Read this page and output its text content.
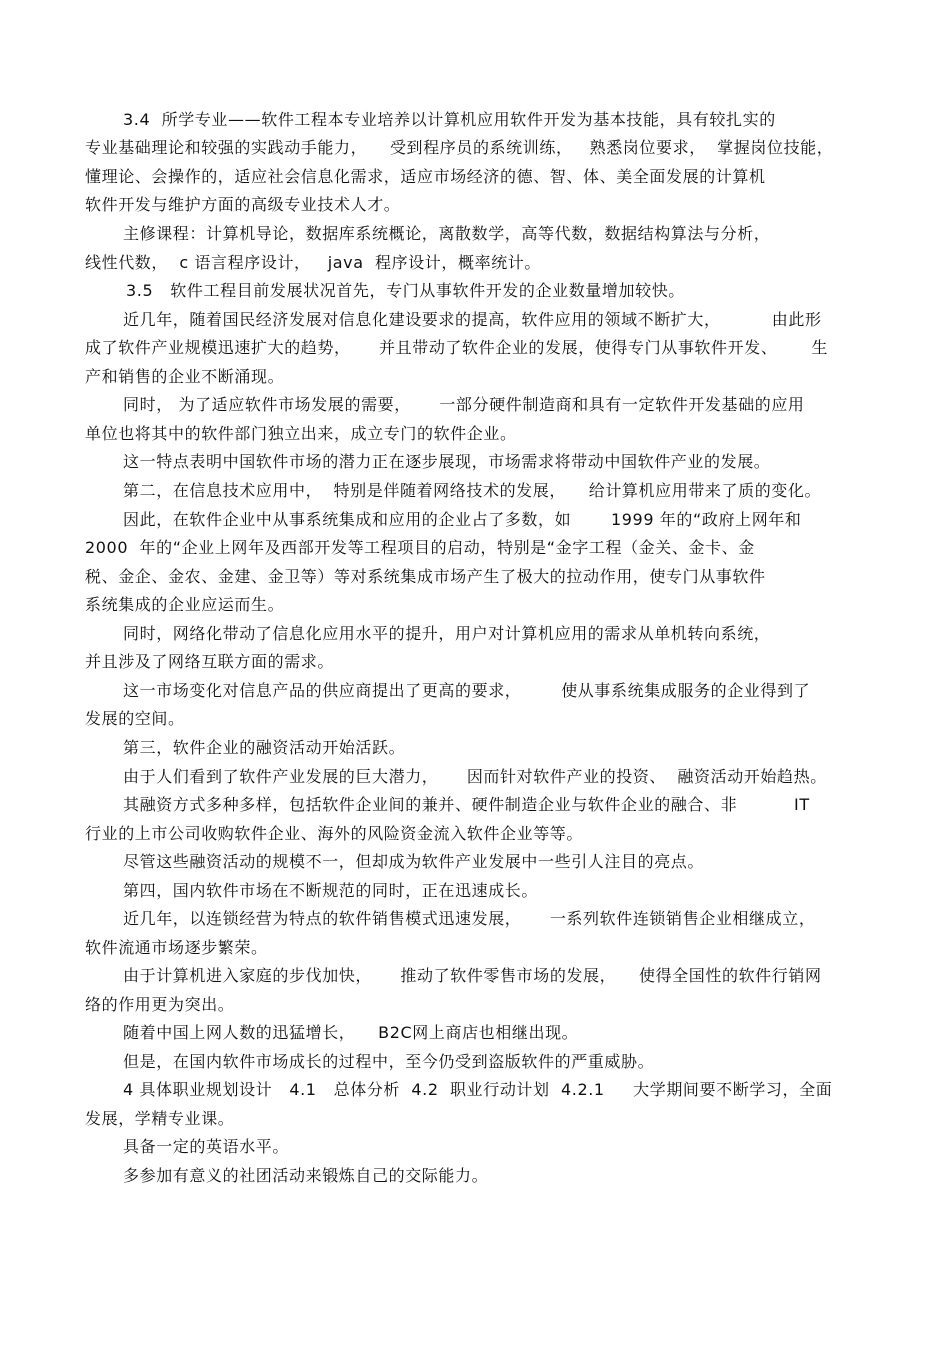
3.4  所学专业——软件工程本专业培养以计算机应用软件开发为基本技能，具有较扎实的
专业基础理论和较强的实践动手能力，    受到程序员的系统训练，   熟悉岗位要求，  掌握岗位技能，
懂理论、会操作的，适应社会信息化需求，适应市场经济的德、智、体、美全面发展的计算机
软件开发与维护方面的高级专业技术人才。
主修课程：计算机导论，数据库系统概论，离散数学，高等代数，数据结构算法与分析，
线性代数，  c 语言程序设计，   java  程序设计，概率统计。
3.5   软件工程目前发展状况首先，专门从事软件开发的企业数量增加较快。
近几年，随着国民经济发展对信息化建设要求的提高，软件应用的领域不断扩大，         由此形
成了软件产业规模迅速扩大的趋势，     并且带动了软件企业的发展，使得专门从事软件开发、      生
产和销售的企业不断涌现。
同时， 为了适应软件市场发展的需要，     一部分硬件制造商和具有一定软件开发基础的应用
单位也将其中的软件部门独立出来，成立专门的软件企业。
这一特点表明中国软件市场的潜力正在逐步展现，市场需求将带动中国软件产业的发展。
第二，在信息技术应用中，  特别是伴随着网络技术的发展，    给计算机应用带来了质的变化。
因此，在软件企业中从事系统集成和应用的企业占了多数，如       1999 年的“政府上网年和
2000  年的“企业上网年及西部开发等工程项目的启动，特别是“金字工程（金关、金卡、金
税、金企、金农、金建、金卫等）等对系统集成市场产生了极大的拉动作用，使专门从事软件
系统集成的企业应运而生。
同时，网络化带动了信息化应用水平的提升，用户对计算机应用的需求从单机转向系统，
并且涉及了网络互联方面的需求。
这一市场变化对信息产品的供应商提出了更高的要求，       使从事系统集成服务的企业得到了
发展的空间。
第三，软件企业的融资活动开始活跃。
由于人们看到了软件产业发展的巨大潜力，     因而针对软件产业的投资、  融资活动开始趋热。
其融资方式多种多样，包括软件企业间的兼并、硬件制造企业与软件企业的融合、非          IT
行业的上市公司收购软件企业、海外的风险资金流入软件企业等等。
尽管这些融资活动的规模不一，但却成为软件产业发展中一些引人注目的亮点。
第四，国内软件市场在不断规范的同时，正在迅速成长。
近几年，以连锁经营为特点的软件销售模式迅速发展，     一系列软件连锁销售企业相继成立，
软件流通市场逐步繁荣。
由于计算机进入家庭的步伐加快，     推动了软件零售市场的发展，    使得全国性的软件行销网
络的作用更为突出。
随着中国上网人数的迅猛增长，    B2C网上商店也相继出现。
但是，在国内软件市场成长的过程中，至今仍受到盗版软件的严重威胁。
4 具体职业规划设计   4.1   总体分析  4.2  职业行动计划  4.2.1     大学期间要不断学习，全面
发展，学精专业课。
具备一定的英语水平。
多参加有意义的社团活动来锻炼自己的交际能力。
